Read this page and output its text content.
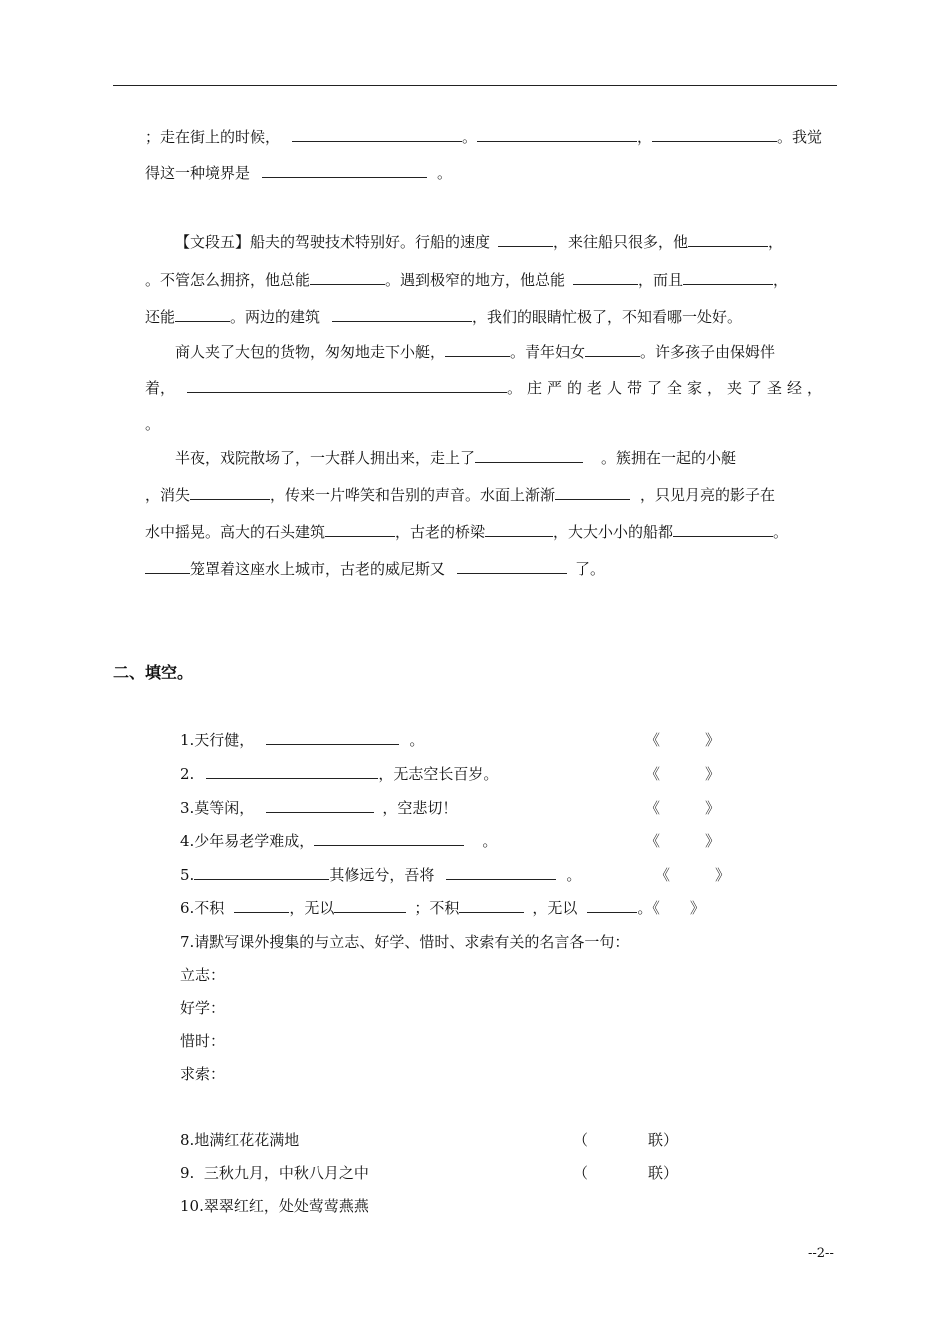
；走在街上的时候，	。	，	。我觉
得这一种境界是	。
【文段五】船夫的驾驶技术特别好。行船的速度	，来往船只很多，他	，
。不管怎么拥挤，他总能	。遇到极窄的地方，他总能	，而且	，
还能	。两边的建筑	，我们的眼睛忙极了，不知看哪一处好。
商人夹了大包的货物，匆匆地走下小艇，	。青年妇女	。许多孩子由保姆伴
着，	。庄严的老人带了全家，夹了圣经，
。
半夜，戏院散场了，一大群人拥出来，走上了	。簇拥在一起的小艇
，消失	，传来一片哗笑和告别的声音。水面上渐渐	，只见月亮的影子在
水中摇晃。高大的石头建筑	，古老的桥梁	，大大小小的船都	。
笼罩着这座水上城市，古老的威尼斯又	了。
二、填空。
1.天行健，	。	《　　　》
2.	，无志空长百岁。	《　　　》
3.莫等闲，	，空悲切！	《　　　》
4.少年易老学难成，	。	《　　　》
5.	其修远兮，吾将	。	《　　　》
6.不积	，无以	；不积	，无以	。《　　》
7.请默写课外搜集的与立志、好学、惜时、求索有关的名言各一句：
立志：
好学：
惜时：
求索：
8.地满红花花满地	（　　　　联）
9.  三秋九月，中秋八月之中	（　　　　联）
10.翠翠红红，处处莺莺燕燕
--2--
